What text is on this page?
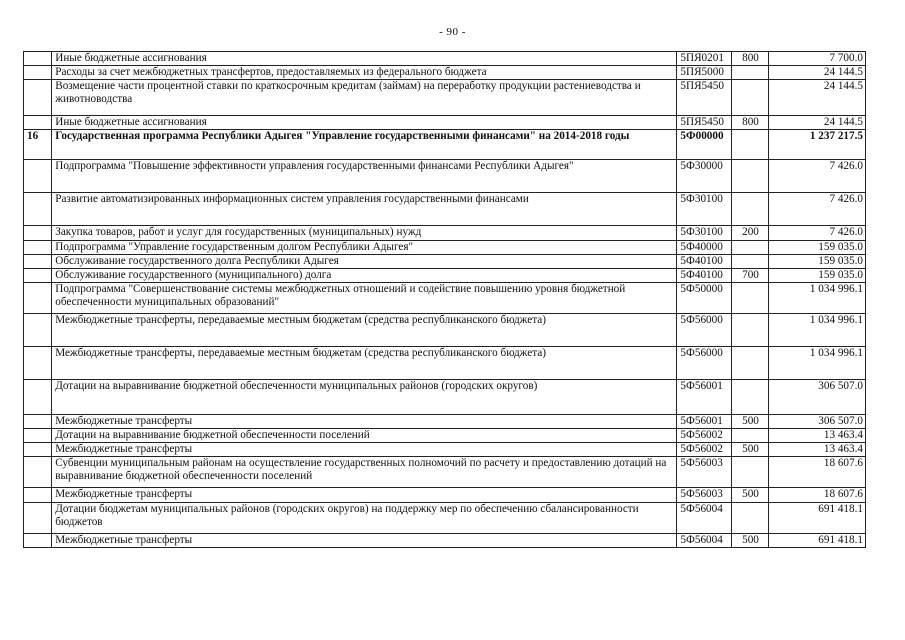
- 90 -
	Иные бюджетные ассигнования	5ПЯ0201	800	7 700.0
	Расходы за счет межбюджетных трансфертов, предоставляемых из федерального бюджета	5ПЯ5000		24 144.5
	Возмещение части процентной ставки по краткосрочным кредитам (займам) на переработку продукции растениеводства и животноводства	5ПЯ5450		24 144.5
	Иные бюджетные ассигнования	5ПЯ5450	800	24 144.5
16	Государственная программа Республики Адыгея "Управление государственными финансами" на 2014-2018 годы	5Ф00000		1 237 217.5
	Подпрограмма "Повышение эффективности управления государственными финансами Республики Адыгея"	5Ф30000		7 426.0
	Развитие автоматизированных информационных систем управления государственными финансами	5Ф30100		7 426.0
	Закупка товаров, работ и услуг для государственных (муниципальных) нужд	5Ф30100	200	7 426.0
	Подпрограмма "Управление государственным долгом Республики Адыгея"	5Ф40000		159 035.0
	Обслуживание государственного долга Республики Адыгея	5Ф40100		159 035.0
	Обслуживание государственного (муниципального) долга	5Ф40100	700	159 035.0
	Подпрограмма "Совершенствование системы межбюджетных отношений и содействие повышению уровня бюджетной обеспеченности муниципальных образований"	5Ф50000		1 034 996.1
	Межбюджетные трансферты, передаваемые местным бюджетам (средства республиканского бюджета)	5Ф56000		1 034 996.1
	Межбюджетные трансферты, передаваемые местным бюджетам (средства республиканского бюджета)	5Ф56000		1 034 996.1
	Дотации на выравнивание бюджетной обеспеченности муниципальных районов (городских округов)	5Ф56001		306 507.0
	Межбюджетные трансферты	5Ф56001	500	306 507.0
	Дотации на выравнивание бюджетной обеспеченности поселений	5Ф56002		13 463.4
	Межбюджетные трансферты	5Ф56002	500	13 463.4
	Субвенции муниципальным районам на осуществление государственных полномочий по расчету и предоставлению дотаций на выравнивание бюджетной обеспеченности поселений	5Ф56003		18 607.6
	Межбюджетные трансферты	5Ф56003	500	18 607.6
	Дотации бюджетам муниципальных районов (городских округов) на поддержку мер по обеспечению сбалансированности бюджетов	5Ф56004		691 418.1
	Межбюджетные трансферты	5Ф56004	500	691 418.1
